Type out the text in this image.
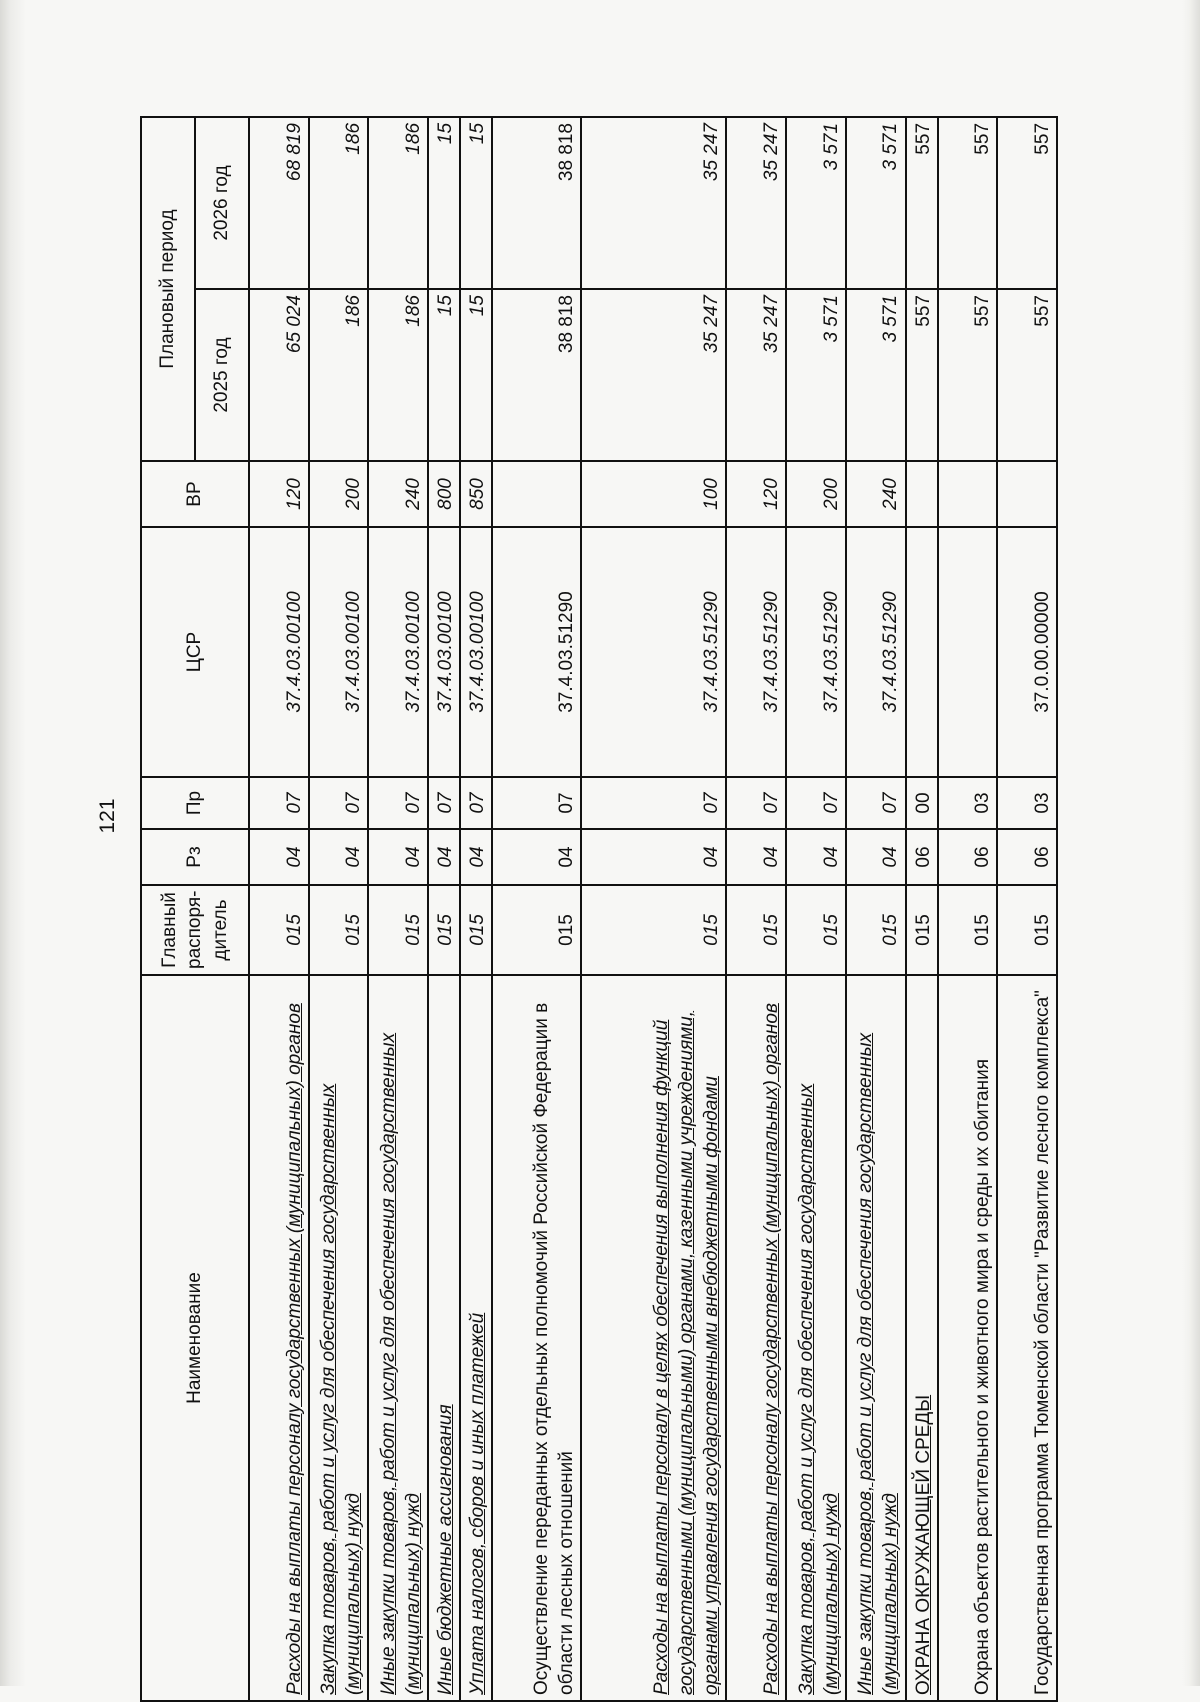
121
Наименование	Главный распоря-дитель	Рз	Пр	ЦСР	ВР	Плановый период	
						2025 год	2026 год
Расходы на выплаты персоналу государственных (муниципальных) органов	015	04	07	37.4.03.00100	120	65 024	68 819
Закупка товаров, работ и услуг для обеспечения государственных (муниципальных) нужд	015	04	07	37.4.03.00100	200	186	186
Иные закупки товаров, работ и услуг для обеспечения государственных (муниципальных) нужд	015	04	07	37.4.03.00100	240	186	186
Иные бюджетные ассигнования	015	04	07	37.4.03.00100	800	15	15
Уплата налогов, сборов и иных платежей	015	04	07	37.4.03.00100	850	15	15
Осуществление переданных отдельных полномочий Российской Федерации в области лесных отношений	015	04	07	37.4.03.51290		38 818	38 818
Расходы на выплаты персоналу в целях обеспечения выполнения функций государственными (муниципальными) органами, казенными учреждениями, органами управления государственными внебюджетными фондами	015	04	07	37.4.03.51290	100	35 247	35 247
Расходы на выплаты персоналу государственных (муниципальных) органов	015	04	07	37.4.03.51290	120	35 247	35 247
Закупка товаров, работ и услуг для обеспечения государственных (муниципальных) нужд	015	04	07	37.4.03.51290	200	3 571	3 571
Иные закупки товаров, работ и услуг для обеспечения государственных (муниципальных) нужд	015	04	07	37.4.03.51290	240	3 571	3 571
ОХРАНА ОКРУЖАЮЩЕЙ СРЕДЫ	015	06	00			557	557
Охрана объектов растительного и животного мира и среды их обитания	015	06	03			557	557
Государственная программа Тюменской области "Развитие лесного комплекса"	015	06	03	37.0.00.00000		557	557
